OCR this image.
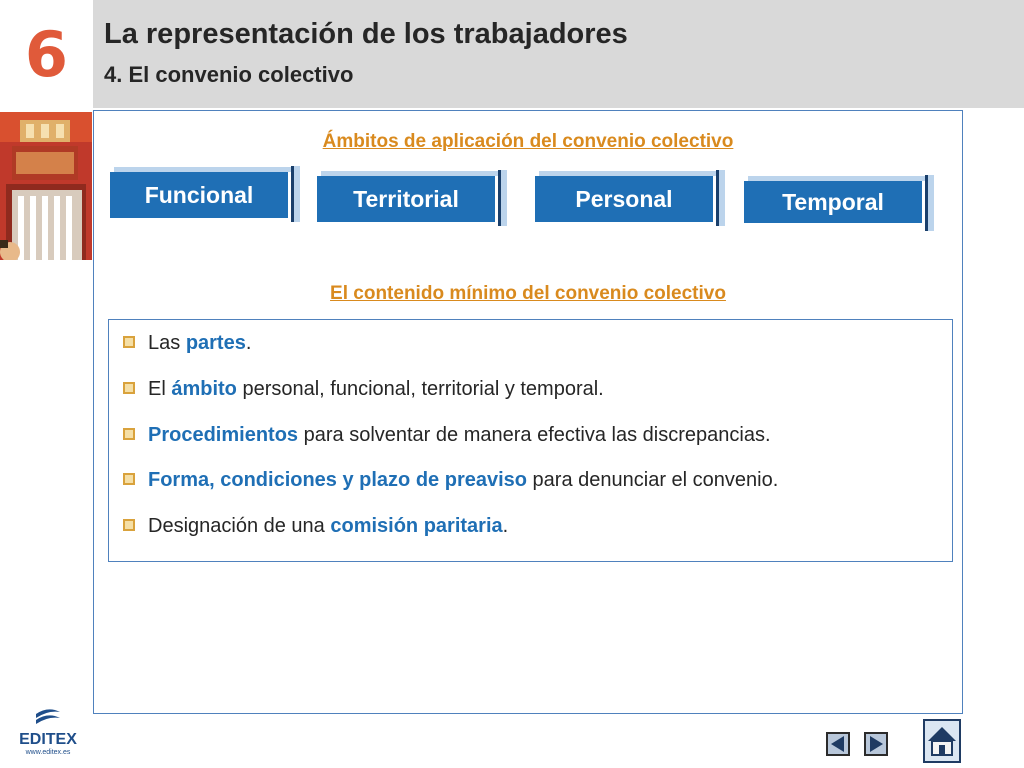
6	La representación de los trabajadores
4. El convenio colectivo
Ámbitos de aplicación del convenio colectivo
Funcional	Territorial	Personal	Temporal
El contenido mínimo del convenio colectivo
Las partes.
El ámbito personal, funcional, territorial y temporal.
Procedimientos para solventar de manera efectiva las discrepancias.
Forma, condiciones y plazo de preaviso para denunciar el convenio.
Designación de una comisión paritaria.
EDITEX
www.editex.es
